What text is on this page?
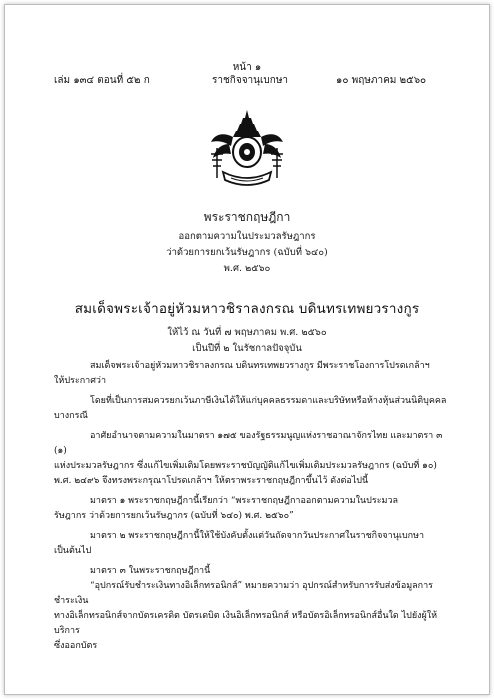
หน้า ๑
เล่ม ๑๓๔ ตอนที่ ๕๒ ก	ราชกิจจานุเบกษา	๑๐ พฤษภาคม ๒๕๖๐
พระราชกฤษฎีกา
ออกตามความในประมวลรัษฎากร
ว่าด้วยการยกเว้นรัษฎากร (ฉบับที่ ๖๔๐)
พ.ศ. ๒๕๖๐
สมเด็จพระเจ้าอยู่หัวมหาวชิราลงกรณ บดินทรเทพยวรางกูร
ให้ไว้ ณ วันที่ ๗ พฤษภาคม พ.ศ. ๒๕๖๐
เป็นปีที่ ๒ ในรัชกาลปัจจุบัน

สมเด็จพระเจ้าอยู่หัวมหาวชิราลงกรณ บดินทรเทพยวรางกูร มีพระราชโองการโปรดเกล้าฯ

ให้ประกาศว่า

โดยที่เป็นการสมควรยกเว้นภาษีเงินได้ให้แก่บุคคลธรรมดาและบริษัทหรือห้างหุ้นส่วนนิติบุคคล

บางกรณี

อาศัยอำนาจตามความในมาตรา ๑๗๕ ของรัฐธรรมนูญแห่งราชอาณาจักรไทย และมาตรา ๓ (๑)

แห่งประมวลรัษฎากร ซึ่งแก้ไขเพิ่มเติมโดยพระราชบัญญัติแก้ไขเพิ่มเติมประมวลรัษฎากร (ฉบับที่ ๑๐)

พ.ศ. ๒๔๙๖ จึงทรงพระกรุณาโปรดเกล้าฯ ให้ตราพระราชกฤษฎีกาขึ้นไว้ ดังต่อไปนี้

มาตรา ๑ พระราชกฤษฎีกานี้เรียกว่า “พระราชกฤษฎีกาออกตามความในประมวล

รัษฎากร ว่าด้วยการยกเว้นรัษฎากร (ฉบับที่ ๖๔๐) พ.ศ. ๒๕๖๐”

มาตรา ๒ พระราชกฤษฎีกานี้ให้ใช้บังคับตั้งแต่วันถัดจากวันประกาศในราชกิจจานุเบกษา

เป็นต้นไป

มาตรา ๓ ในพระราชกฤษฎีกานี้

“อุปกรณ์รับชำระเงินทางอิเล็กทรอนิกส์” หมายความว่า อุปกรณ์สำหรับการรับส่งข้อมูลการชำระเงิน

ทางอิเล็กทรอนิกส์จากบัตรเครดิต บัตรเดบิต เงินอิเล็กทรอนิกส์ หรือบัตรอิเล็กทรอนิกส์อื่นใด ไปยังผู้ให้บริการ

ซึ่งออกบัตร
